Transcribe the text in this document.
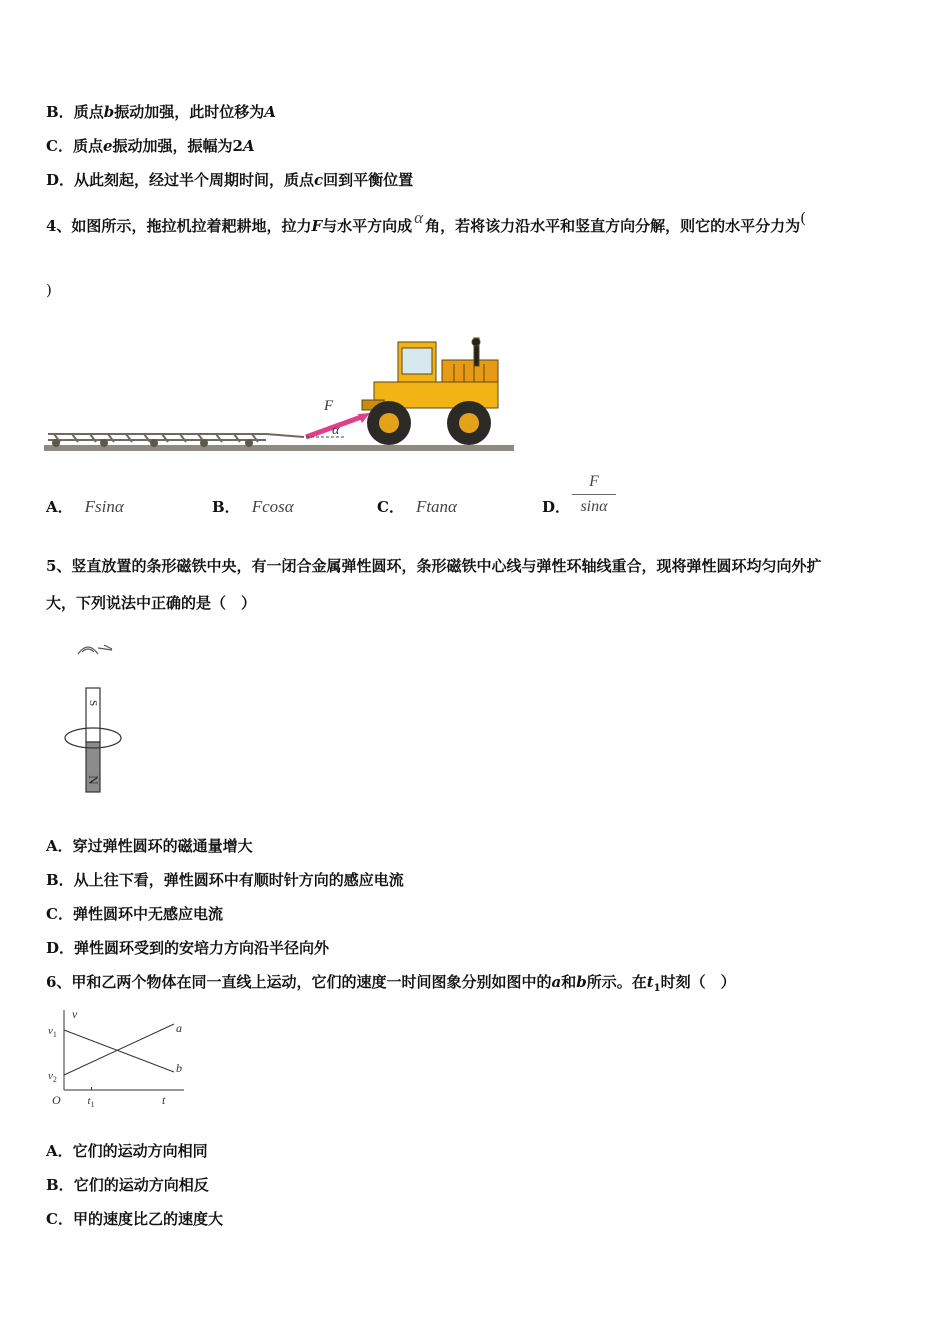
B．质点b振动加强，此时位移为A
C．质点e振动加强，振幅为2A
D．从此刻起，经过半个周期时间，质点c回到平衡位置
4、如图所示，拖拉机拉着耙耕地，拉力F与水平方向成 α 角，若将该力沿水平和竖直方向分解，则它的水平分力为(
)
F
α
A． Fsinα	B． Fcosα	C． Ftanα	D．
F
sinα
5、竖直放置的条形磁铁中央，有一闭合金属弹性圆环，条形磁铁中心线与弹性环轴线重合，现将弹性圆环均匀向外扩
大，下列说法中正确的是（　）
S
N
A．穿过弹性圆环的磁通量增大
B．从上往下看，弹性圆环中有顺时针方向的感应电流
C．弹性圆环中无感应电流
D．弹性圆环受到的安培力方向沿半径向外
6、甲和乙两个物体在同一直线上运动，它们的速度一时间图象分别如图中的a和b所示。在$t_1$时刻（　）
v
t
O
a
b
$v_1$
$v_2$
$t_1$
A．它们的运动方向相同
B．它们的运动方向相反
C．甲的速度比乙的速度大
